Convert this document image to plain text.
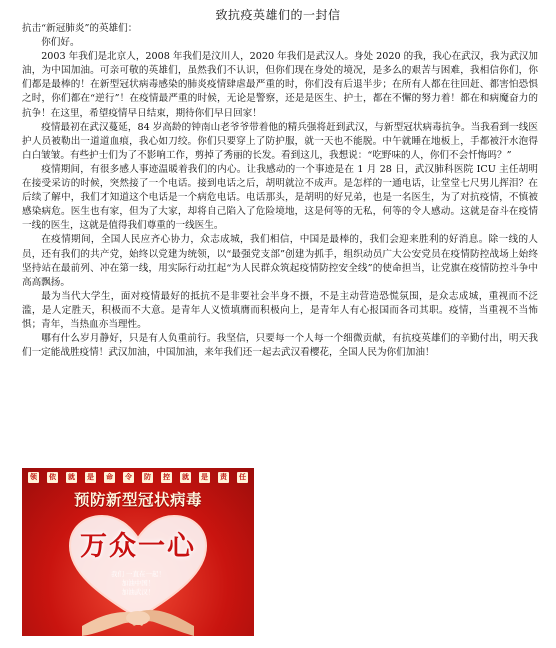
致抗疫英雄们的一封信

抗击“新冠肺炎”的英雄们：

你们好。

2003 年我们是北京人，2008 年我们是汶川人，2020 年我们是武汉人。身处 2020 的我，我心在武汉，我为武汉加油，为中国加油。可亲可敬的英雄们，虽然我们不认识，但你们现在身处的境况，是多么的艰苦与困难，我相信你们，你们都是最棒的！在新型冠状病毒感染的肺炎疫情肆虐最严重的时，你们没有后退半步；在所有人都在往回赶、都害怕恐惧之时，你们都在“逆行”！在疫情最严重的时候，无论是警察，还是是医生、护士，都在不懈的努力着！都在和病魔奋力的抗争！在这里，希望疫情早日结束，期待你们早日回家！

疫情最初在武汉蔓延，84 岁高龄的钟南山老爷爷带着他的精兵强将赶到武汉，与新型冠状病毒抗争。当我看到一线医护人员被勒出一道道血痕，我心如刀绞。你们只要穿上了防护服，就一天也不能脱。中午就睡在地板上，手都被汗水泡得白白皱皱。有些护士们为了不影响工作，剪掉了秀丽的长发。看到这儿，我想说：“吃野味的人，你们不会忏悔吗？”

疫情期间，有很多感人事迹温暖着我们的内心。让我感动的一个事迹是在 1 月 28 日，武汉肺科医院 ICU 主任胡明在接受采访的时候，突然接了一个电话。接到电话之后，胡明就泣不成声。是怎样的一通电话，让堂堂七尺男儿挥泪？在后续了解中，我们才知道这个电话是一个病危电话。电话那头，是胡明的好兄弟，也是一名医生，为了对抗疫情，不慎被感染病危。医生也有家，但为了大家，却将自己陷入了危险境地，这是何等的无私，何等的令人感动。这就是奋斗在疫情一线的医生，这就是值得我们尊重的一线医生。

在疫情期间，全国人民应齐心协力，众志成城，我们相信，中国是最棒的，我们会迎来胜利的好消息。除一线的人员，还有我们的共产党，始终以党建为统领，以“最强党支部”创建为抓手，组织动员广大公安党员在疫情防控战场上始终坚持站在最前列、冲在第一线，用实际行动扛起“为人民群众筑起疫情防控安全线”的使命担当，让党旗在疫情防控斗争中高高飘扬。

最为当代大学生，面对疫情最好的抵抗不是非要社会半身不摄，不是主动营造恐慌氛围，是众志成城，重视而不泛滥，是人定胜天，积极而不大意。是青年人义愤填膺而积极向上，是青年人有心报国而各司其职。疫情，当重视不当怖惧；青年，当热血亦当理性。

哪有什么岁月静好，只是有人负重前行。我坚信，只要每一个人每一个细微贡献，有抗疫英雄们的辛勤付出，明天我们一定能战胜疫情！武汉加油，中国加油，来年我们还一起去武汉看樱花，全国人民为你们加油！

领 依 就 是 命 令 防 控 就 是 责 任
预防新型冠状病毒
万众一心
我们 一直在一起！
加油中国！
加油武汉！
